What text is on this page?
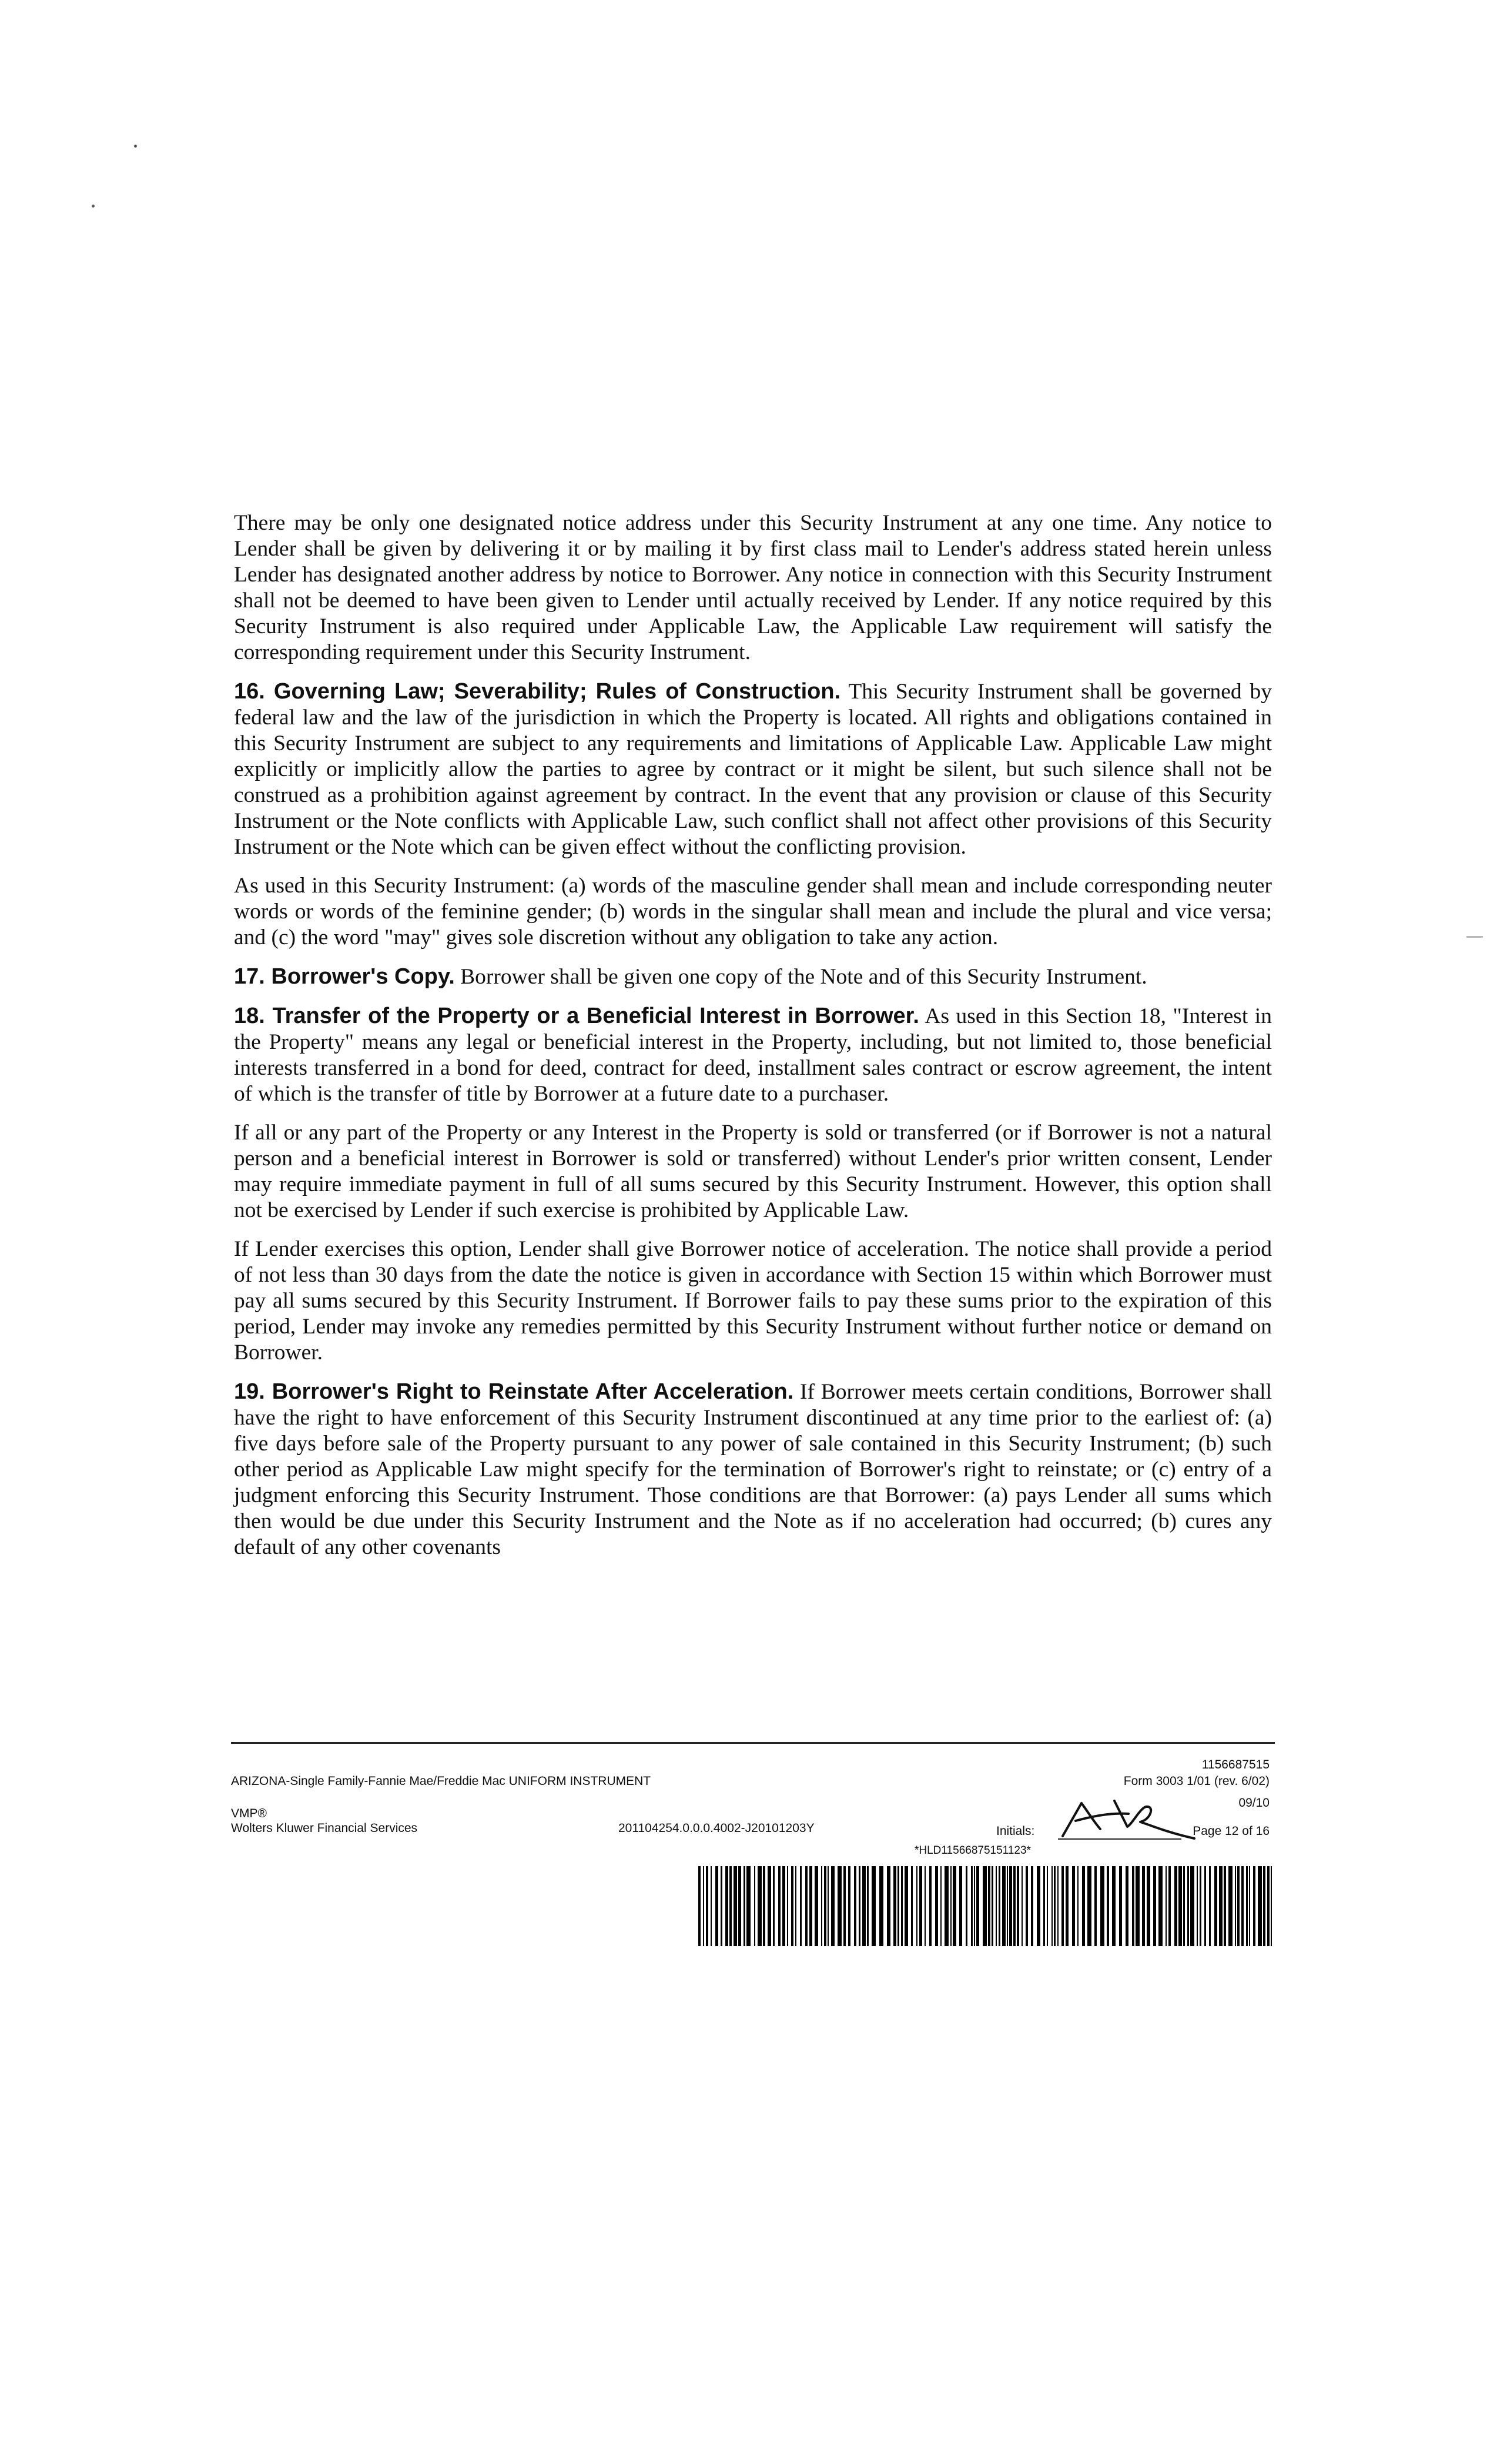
There may be only one designated notice address under this Security Instrument at any one time. Any notice to Lender shall be given by delivering it or by mailing it by first class mail to Lender's address stated herein unless Lender has designated another address by notice to Borrower. Any notice in connection with this Security Instrument shall not be deemed to have been given to Lender until actually received by Lender. If any notice required by this Security Instrument is also required under Applicable Law, the Applicable Law requirement will satisfy the corresponding requirement under this Security Instrument.

16. Governing Law; Severability; Rules of Construction. This Security Instrument shall be governed by federal law and the law of the jurisdiction in which the Property is located. All rights and obligations contained in this Security Instrument are subject to any requirements and limitations of Applicable Law. Applicable Law might explicitly or implicitly allow the parties to agree by contract or it might be silent, but such silence shall not be construed as a prohibition against agreement by contract. In the event that any provision or clause of this Security Instrument or the Note conflicts with Applicable Law, such conflict shall not affect other provisions of this Security Instrument or the Note which can be given effect without the conflicting provision.

As used in this Security Instrument: (a) words of the masculine gender shall mean and include corresponding neuter words or words of the feminine gender; (b) words in the singular shall mean and include the plural and vice versa; and (c) the word "may" gives sole discretion without any obligation to take any action.

17. Borrower's Copy. Borrower shall be given one copy of the Note and of this Security Instrument.

18. Transfer of the Property or a Beneficial Interest in Borrower. As used in this Section 18, "Interest in the Property" means any legal or beneficial interest in the Property, including, but not limited to, those beneficial interests transferred in a bond for deed, contract for deed, installment sales contract or escrow agreement, the intent of which is the transfer of title by Borrower at a future date to a purchaser.

If all or any part of the Property or any Interest in the Property is sold or transferred (or if Borrower is not a natural person and a beneficial interest in Borrower is sold or transferred) without Lender's prior written consent, Lender may require immediate payment in full of all sums secured by this Security Instrument. However, this option shall not be exercised by Lender if such exercise is prohibited by Applicable Law.

If Lender exercises this option, Lender shall give Borrower notice of acceleration. The notice shall provide a period of not less than 30 days from the date the notice is given in accordance with Section 15 within which Borrower must pay all sums secured by this Security Instrument. If Borrower fails to pay these sums prior to the expiration of this period, Lender may invoke any remedies permitted by this Security Instrument without further notice or demand on Borrower.

19. Borrower's Right to Reinstate After Acceleration. If Borrower meets certain conditions, Borrower shall have the right to have enforcement of this Security Instrument discontinued at any time prior to the earliest of: (a) five days before sale of the Property pursuant to any power of sale contained in this Security Instrument; (b) such other period as Applicable Law might specify for the termination of Borrower's right to reinstate; or (c) entry of a judgment enforcing this Security Instrument. Those conditions are that Borrower: (a) pays Lender all sums which then would be due under this Security Instrument and the Note as if no acceleration had occurred; (b) cures any default of any other covenants

ARIZONA-Single Family-Fannie Mae/Freddie Mac UNIFORM INSTRUMENT
VMP®
Wolters Kluwer Financial Services	201104254.0.0.0.4002-J20101203Y
1156687515
Form 3003 1/01 (rev. 6/02)
09/10
Initials:	Page 12 of 16
*HLD11566875151123*
